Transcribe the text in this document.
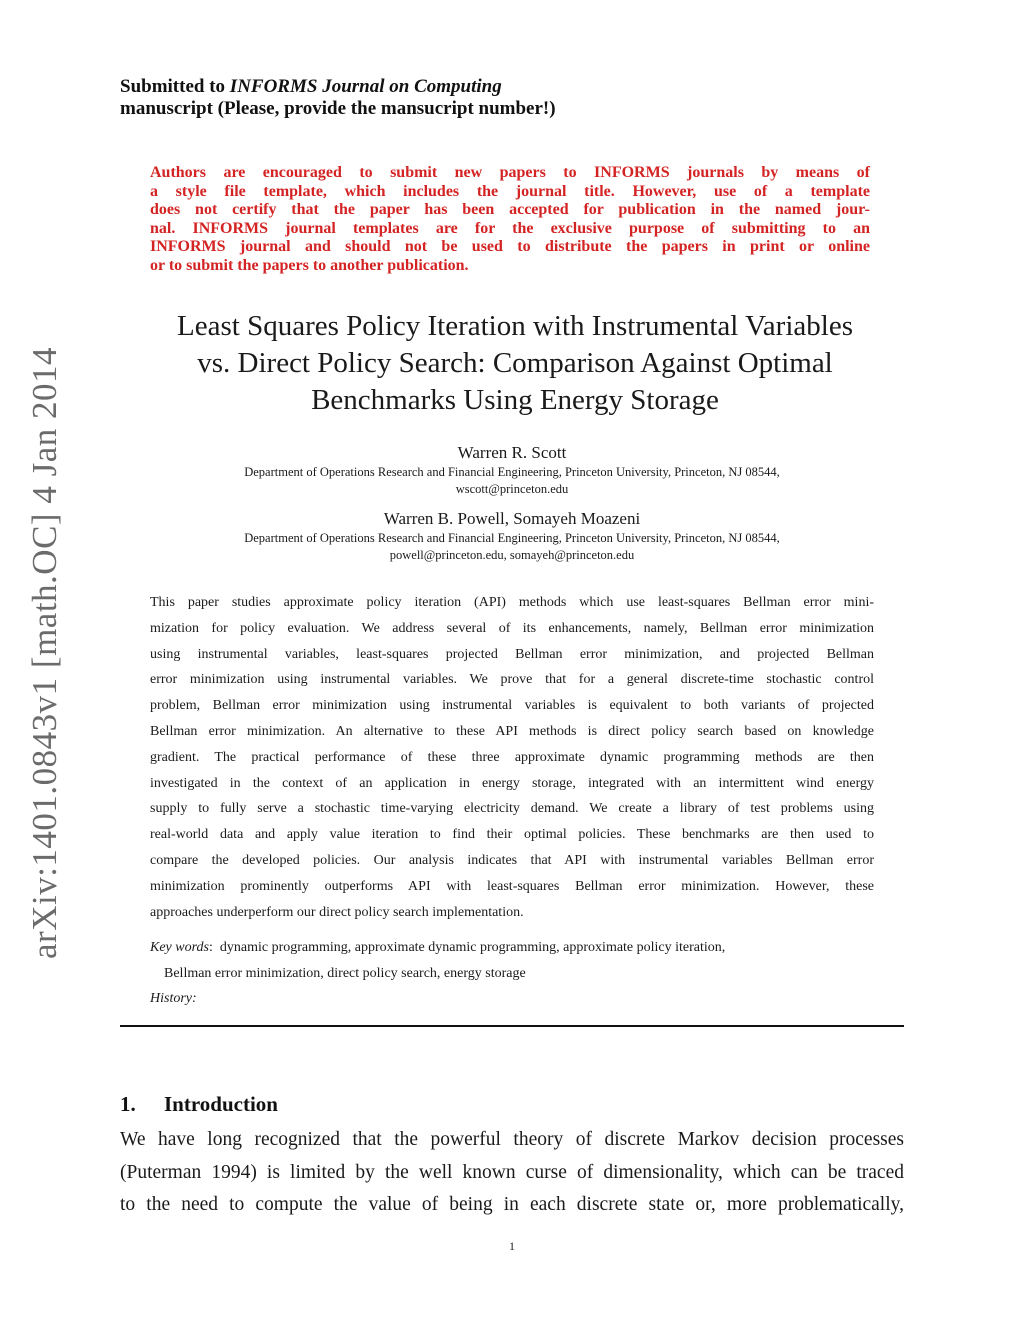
arXiv:1401.0843v1 [math.OC] 4 Jan 2014
Submitted to INFORMS Journal on Computing
manuscript (Please, provide the mansucript number!)
Authors are encouraged to submit new papers to INFORMS journals by means of
a style file template, which includes the journal title. However, use of a template
does not certify that the paper has been accepted for publication in the named jour-
nal. INFORMS journal templates are for the exclusive purpose of submitting to an
INFORMS journal and should not be used to distribute the papers in print or online
or to submit the papers to another publication.
Least Squares Policy Iteration with Instrumental Variables
vs. Direct Policy Search: Comparison Against Optimal
Benchmarks Using Energy Storage
Warren R. Scott
Department of Operations Research and Financial Engineering, Princeton University, Princeton, NJ 08544,
wscott@princeton.edu
Warren B. Powell, Somayeh Moazeni
Department of Operations Research and Financial Engineering, Princeton University, Princeton, NJ 08544,
powell@princeton.edu, somayeh@princeton.edu
This paper studies approximate policy iteration (API) methods which use least-squares Bellman error mini-
mization for policy evaluation. We address several of its enhancements, namely, Bellman error minimization
using instrumental variables, least-squares projected Bellman error minimization, and projected Bellman
error minimization using instrumental variables. We prove that for a general discrete-time stochastic control
problem, Bellman error minimization using instrumental variables is equivalent to both variants of projected
Bellman error minimization. An alternative to these API methods is direct policy search based on knowledge
gradient. The practical performance of these three approximate dynamic programming methods are then
investigated in the context of an application in energy storage, integrated with an intermittent wind energy
supply to fully serve a stochastic time-varying electricity demand. We create a library of test problems using
real-world data and apply value iteration to find their optimal policies. These benchmarks are then used to
compare the developed policies. Our analysis indicates that API with instrumental variables Bellman error
minimization prominently outperforms API with least-squares Bellman error minimization. However, these
approaches underperform our direct policy search implementation.
Key words:  dynamic programming, approximate dynamic programming, approximate policy iteration,
Bellman error minimization, direct policy search, energy storage
History:
1. Introduction
We have long recognized that the powerful theory of discrete Markov decision processes
(Puterman 1994) is limited by the well known curse of dimensionality, which can be traced
to the need to compute the value of being in each discrete state or, more problematically,
1
